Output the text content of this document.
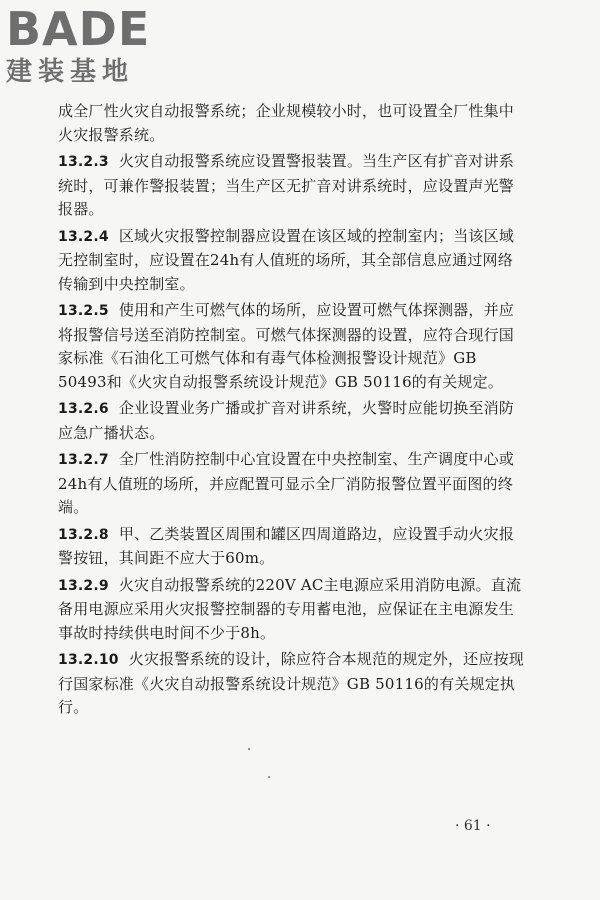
BADE
建装基地

成全厂性火灾自动报警系统；企业规模较小时，也可设置全厂性集中火灾报警系统。

13.2.3 火灾自动报警系统应设置警报装置。当生产区有扩音对讲系统时，可兼作警报装置；当生产区无扩音对讲系统时，应设置声光警报器。

13.2.4 区域火灾报警控制器应设置在该区域的控制室内；当该区域无控制室时，应设置在24h有人值班的场所，其全部信息应通过网络传输到中央控制室。

13.2.5 使用和产生可燃气体的场所，应设置可燃气体探测器，并应将报警信号送至消防控制室。可燃气体探测器的设置，应符合现行国家标准《石油化工可燃气体和有毒气体检测报警设计规范》GB 50493和《火灾自动报警系统设计规范》GB 50116的有关规定。

13.2.6 企业设置业务广播或扩音对讲系统，火警时应能切换至消防应急广播状态。

13.2.7 全厂性消防控制中心宜设置在中央控制室、生产调度中心或24h有人值班的场所，并应配置可显示全厂消防报警位置平面图的终端。

13.2.8 甲、乙类装置区周围和罐区四周道路边，应设置手动火灾报警按钮，其间距不应大于60m。

13.2.9 火灾自动报警系统的220V AC主电源应采用消防电源。直流备用电源应采用火灾报警控制器的专用蓄电池，应保证在主电源发生事故时持续供电时间不少于8h。

13.2.10 火灾报警系统的设计，除应符合本规范的规定外，还应按现行国家标准《火灾自动报警系统设计规范》GB 50116的有关规定执行。

· 61 ·
